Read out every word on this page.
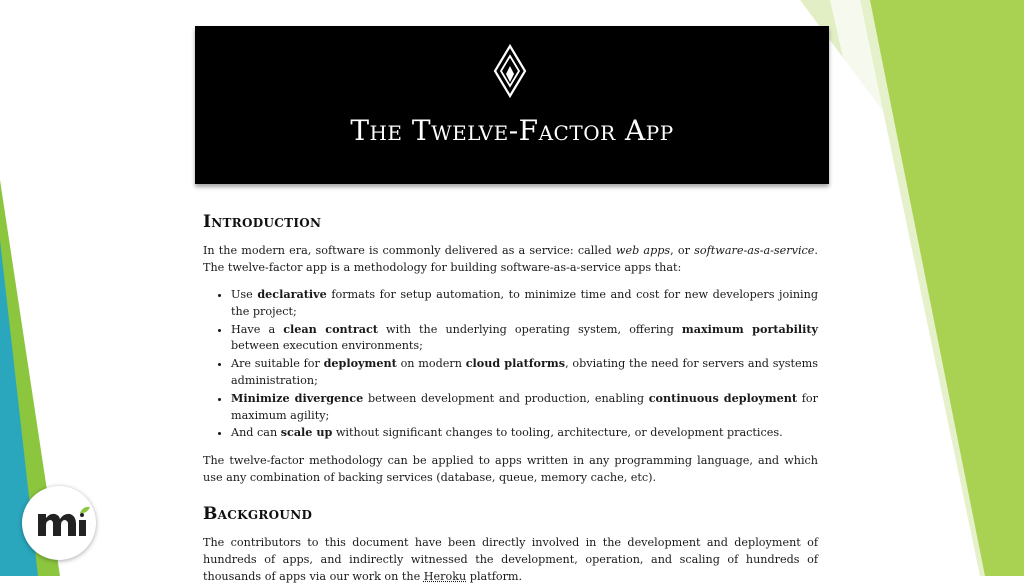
The Twelve-Factor App
Introduction

In the modern era, software is commonly delivered as a service: called web apps, or software-as-a-service. The twelve-factor app is a methodology for building software-as-a-service apps that:

• Use declarative formats for setup automation, to minimize time and cost for new developers joining the project;
• Have a clean contract with the underlying operating system, offering maximum portability between execution environments;
• Are suitable for deployment on modern cloud platforms, obviating the need for servers and systems administration;
• Minimize divergence between development and production, enabling continuous deployment for maximum agility;
• And can scale up without significant changes to tooling, architecture, or development practices.

The twelve-factor methodology can be applied to apps written in any programming language, and which use any combination of backing services (database, queue, memory cache, etc).

Background

The contributors to this document have been directly involved in the development and deployment of hundreds of apps, and indirectly witnessed the development, operation, and scaling of hundreds of thousands of apps via our work on the Heroku platform.
